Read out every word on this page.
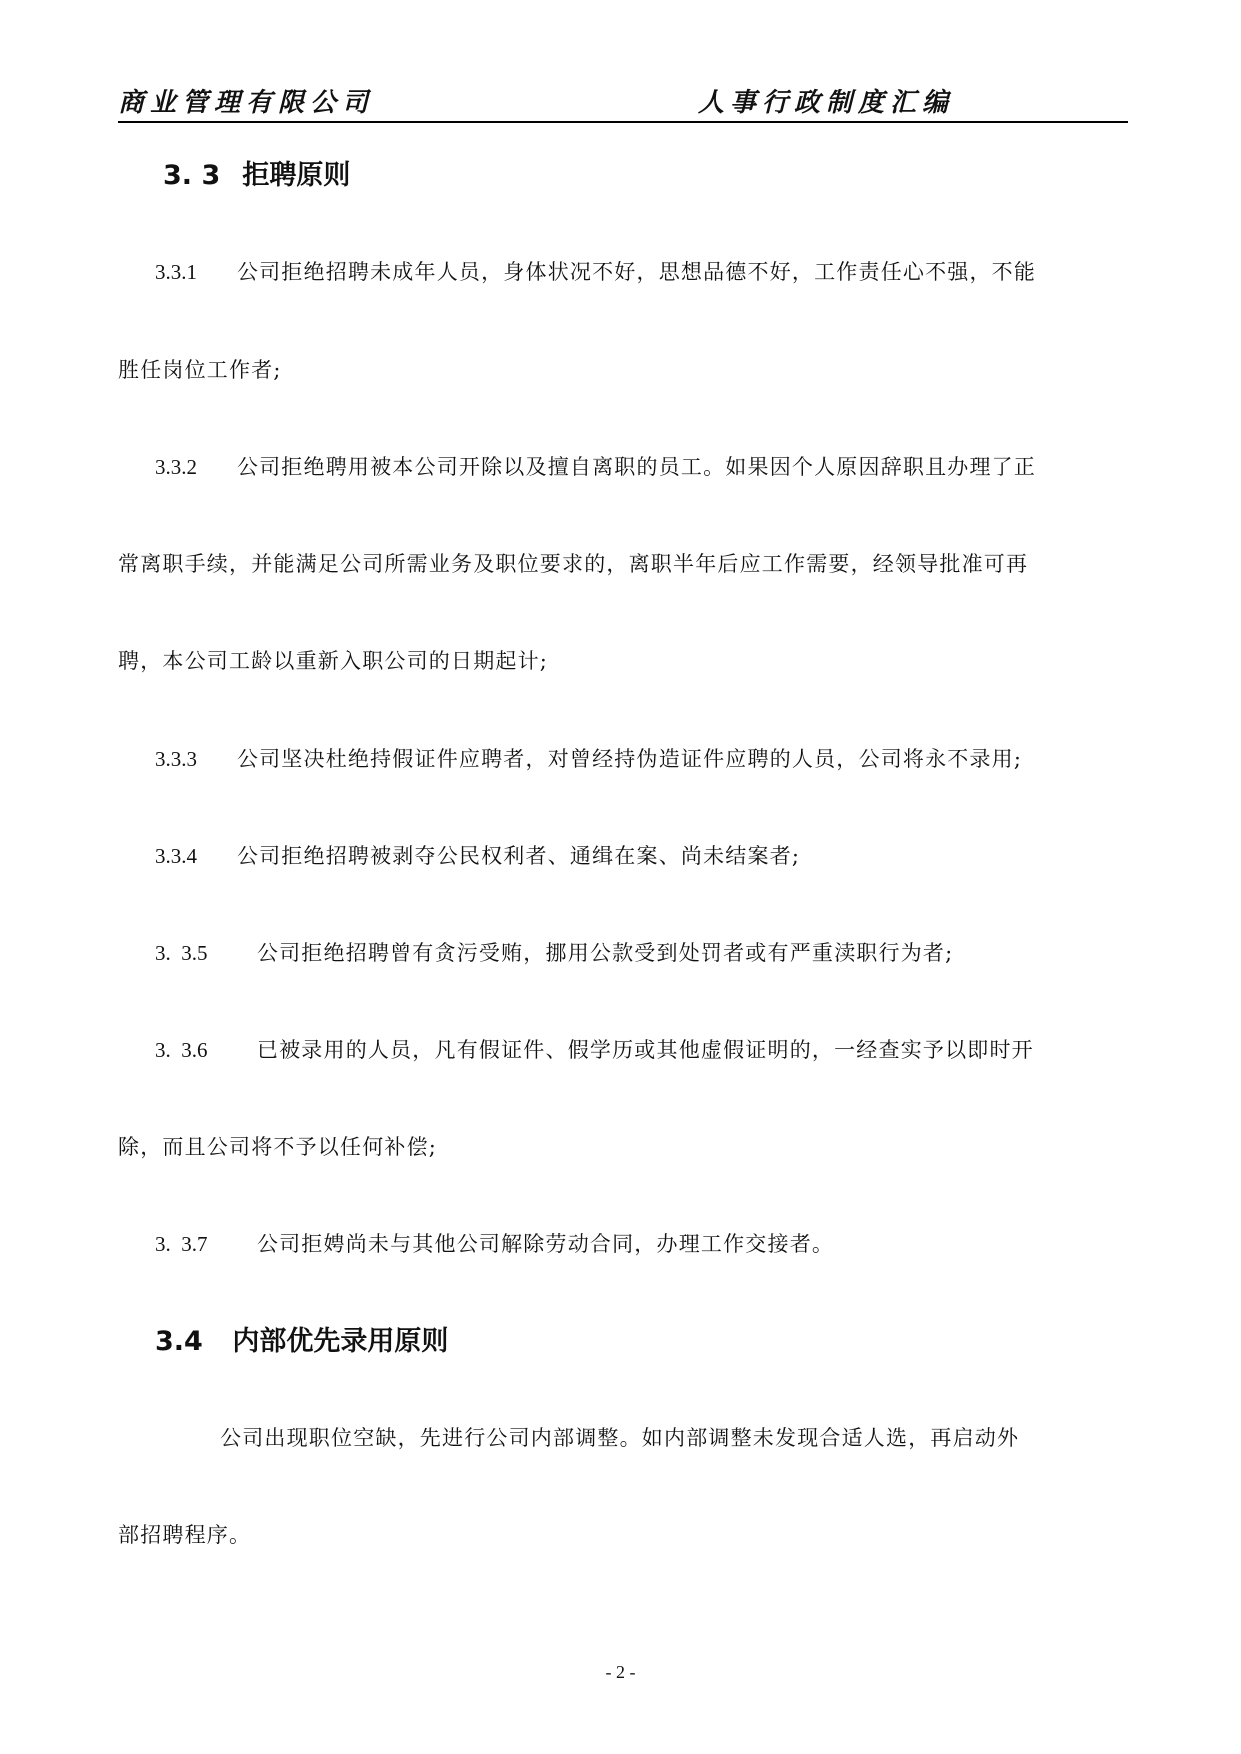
商业管理有限公司	人事行政制度汇编
3. 3 拒聘原则
3.3.1 公司拒绝招聘未成年人员，身体状况不好，思想品德不好，工作责任心不强，不能
胜任岗位工作者;
3.3.2 公司拒绝聘用被本公司开除以及擅自离职的员工。如果因个人原因辞职且办理了正
常离职手续，并能满足公司所需业务及职位要求的，离职半年后应工作需要，经领导批准可再
聘，本公司工龄以重新入职公司的日期起计;
3.3.3 公司坚决杜绝持假证件应聘者，对曾经持伪造证件应聘的人员，公司将永不录用;
3.3.4 公司拒绝招聘被剥夺公民权利者、通缉在案、尚未结案者;
3.  3.5 公司拒绝招聘曾有贪污受贿，挪用公款受到处罚者或有严重渎职行为者;
3.  3.6 已被录用的人员，凡有假证件、假学历或其他虚假证明的，一经查实予以即时开
除，而且公司将不予以任何补偿;
3.  3.7 公司拒娉尚未与其他公司解除劳动合同，办理工作交接者。
3.4 内部优先录用原则
公司出现职位空缺，先进行公司内部调整。如内部调整未发现合适人选，再启动外
部招聘程序。
- 2 -
